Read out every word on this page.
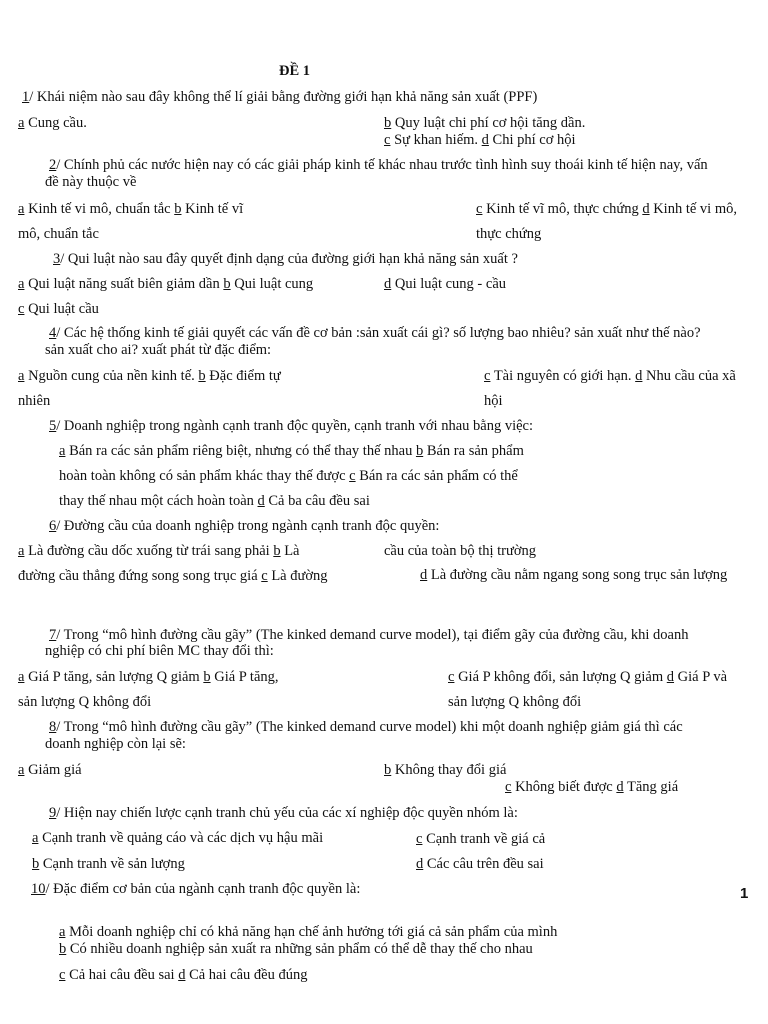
ĐỀ 1
1/ Khái niệm nào sau đây không thể lí giải bằng đường giới hạn khả năng sản xuất (PPF)
a Cung cầu.	b Quy luật chi phí cơ hội tăng dần.
c Sự khan hiếm. d Chi phí cơ hội
2/ Chính phủ các nước hiện nay có các giải pháp kinh tế khác nhau trước tình hình suy thoái kinh tế hiện nay, vấn
đề này thuộc về
a Kinh tế vi mô, chuẩn tắc b Kinh tế vĩ
mô, chuẩn tắc
c Kinh tế vĩ mô, thực chứng d Kinh tế vi mô,
thực chứng
3/ Qui luật nào sau đây quyết định dạng của đường giới hạn khả năng sản xuất ?
a Qui luật năng suất biên giảm dần b Qui luật cung	d Qui luật cung - cầu
c Qui luật cầu
4/ Các hệ thống kinh tế giải quyết các vấn đề cơ bản :sản xuất cái gì? số lượng bao nhiêu? sản xuất như thế nào?
sản xuất cho ai? xuất phát từ đặc điểm:
a Nguồn cung của nền kinh tế. b Đặc điểm tự
nhiên
c Tài nguyên có giới hạn. d Nhu cầu của xã
hội
5/ Doanh nghiệp trong ngành cạnh tranh độc quyền, cạnh tranh với nhau bằng việc:
a Bán ra các sản phẩm riêng biệt, nhưng có thể thay thế nhau b Bán ra sản phẩm
hoàn toàn không có sản phẩm khác thay thế được c Bán ra các sản phẩm có thể
thay thế nhau một cách hoàn toàn d Cả ba câu đều sai
6/ Đường cầu của doanh nghiệp trong ngành cạnh tranh độc quyền:
a Là đường cầu dốc xuống từ trái sang phải b Là	cầu của toàn bộ thị trường
đường cầu thẳng đứng song song trục giá c Là đường	d Là đường cầu nằm ngang song song trục sản lượng
7/ Trong “mô hình đường cầu gãy” (The kinked demand curve model), tại điểm gãy của đường cầu, khi doanh
nghiệp có chi phí biên MC thay đổi thì:
a Giá P tăng, sản lượng Q giảm b Giá P tăng,
sản lượng Q không đổi
c Giá P không đổi, sản lượng Q giảm d Giá P và
sản lượng Q không đổi
8/ Trong “mô hình đường cầu gãy” (The kinked demand curve model) khi một doanh nghiệp giảm giá thì các
doanh nghiệp còn lại sẽ:
a Giảm giá	b Không thay đổi giá
c Không biết được d Tăng giá
9/ Hiện nay chiến lược cạnh tranh chủ yếu của các xí nghiệp độc quyền nhóm là:
a Cạnh tranh về quảng cáo và các dịch vụ hậu mãi	c Cạnh tranh về giá cả
b Cạnh tranh về sản lượng	d Các câu trên đều sai
10/ Đặc điểm cơ bản của ngành cạnh tranh độc quyền là:	1
a Mỗi doanh nghiệp chỉ có khả năng hạn chế ảnh hưởng tới giá cả sản phẩm của mình
b Có nhiều doanh nghiệp sản xuất ra những sản phẩm có thể dễ thay thế cho nhau
c Cả hai câu đều sai d Cả hai câu đều đúng
